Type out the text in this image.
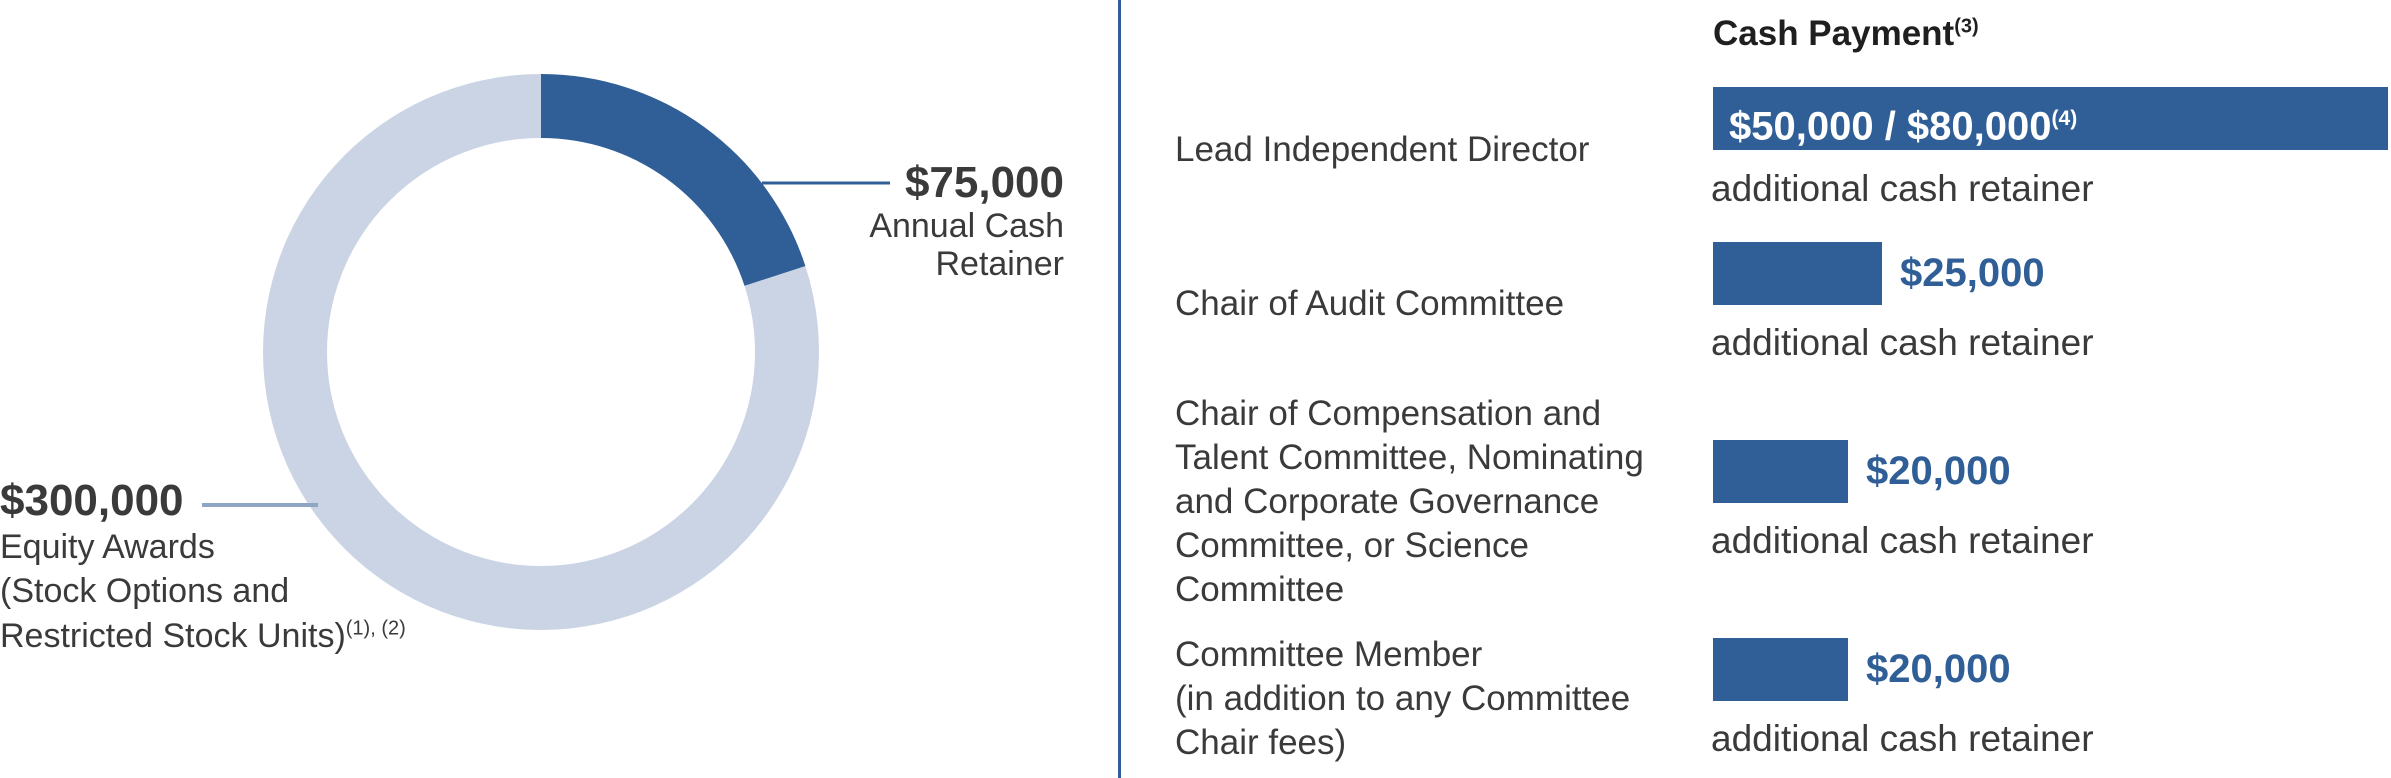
$75,000
Annual Cash
Retainer
$300,000
Equity Awards
(Stock Options and
Restricted Stock Units)$^{(1), (2)}$
Cash Payment$^{(3)}$
Lead Independent Director
$50,000 / $80,000$^{(4)}$
additional cash retainer
Chair of Audit Committee
$25,000
additional cash retainer
Chair of Compensation and
Talent Committee, Nominating
and Corporate Governance
Committee, or Science
Committee
$20,000
additional cash retainer
Committee Member
(in addition to any Committee
Chair fees)
$20,000
additional cash retainer
